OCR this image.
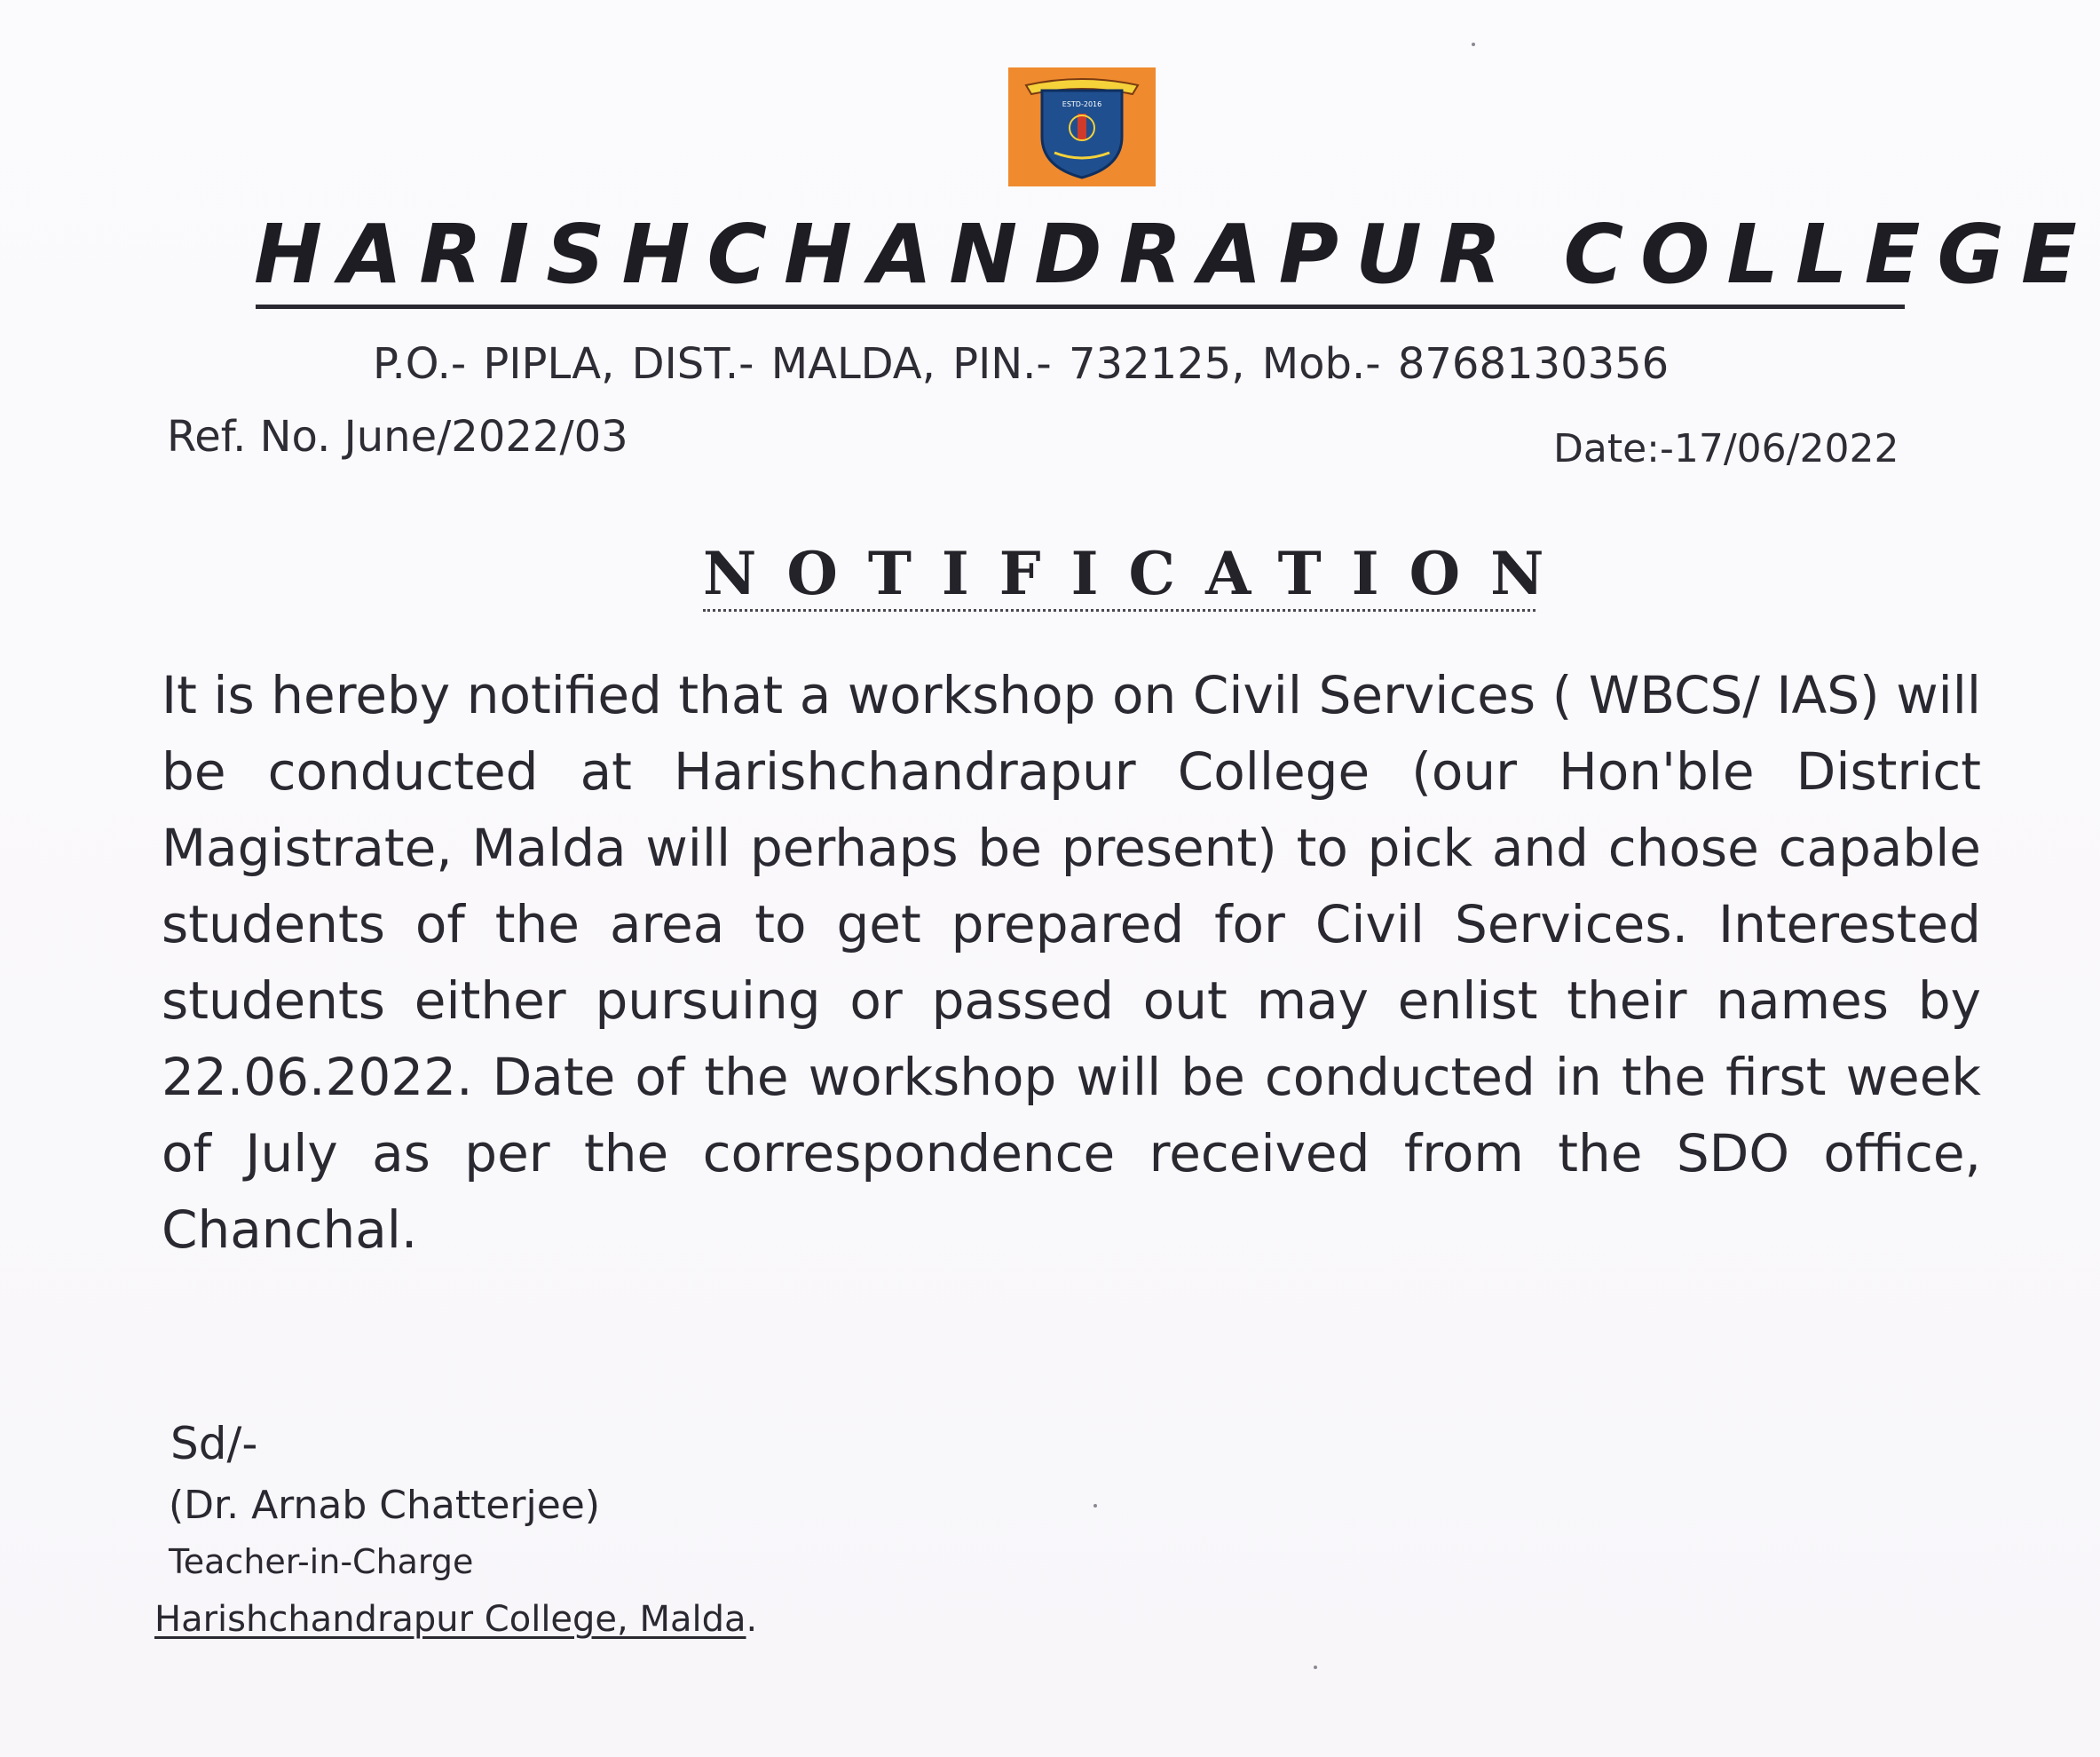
ESTD-2016
HARISHCHANDRAPUR COLLEGE
P.O.- PIPLA, DIST.- MALDA, PIN.- 732125, Mob.- 8768130356
Ref. No. June/2022/03	Date:-17/06/2022
NOTIFICATION
It is hereby notified that a workshop on Civil Services ( WBCS/ IAS) will be conducted at Harishchandrapur College (our Hon'ble District Magistrate, Malda will perhaps be present) to pick and chose capable students of the area to get prepared for Civil Services. Interested students either pursuing or passed out may enlist their names by 22.06.2022. Date of the workshop will be conducted in the first week of July as per the correspondence received from the SDO office, Chanchal.
Sd/-
(Dr. Arnab Chatterjee)
Teacher-in-Charge
Harishchandrapur College, Malda.
